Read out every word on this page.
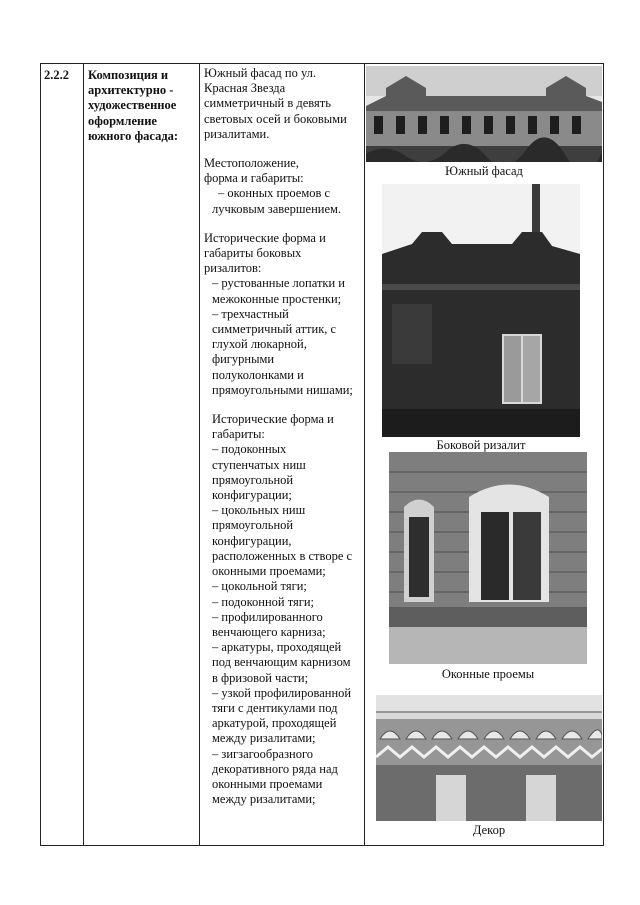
2.2.2	Композиция и
архитектурно -
художественное
оформление
южного фасада:

Южный фасад по ул.

Красная Звезда

симметричный в девять

световых осей и боковыми

ризалитами.

Местоположение,

форма и габариты:

– оконных проемов с

лучковым завершением.

Исторические форма и

габариты боковых

ризалитов:

– рустованные лопатки и

межоконные простенки;

– трехчастный

симметричный аттик, с

глухой люкарной,

фигурными

полуколонками и

прямоугольными нишами;

Исторические форма и

габариты:

– подоконных

ступенчатых ниш

прямоугольной

конфигурации;

– цокольных ниш

прямоугольной

конфигурации,

расположенных в створе с

оконными проемами;

– цокольной тяги;

– подоконной тяги;

– профилированного

венчающего карниза;

– аркатуры, проходящей

под венчающим карнизом

в фризовой части;

– узкой профилированной

тяги с дентикулами под

аркатурой, проходящей

между ризалитами;

– зигзагообразного

декоративного ряда над

оконными проемами

между ризалитами;

Южный фасад
Боковой ризалит
Оконные проемы
Декор
